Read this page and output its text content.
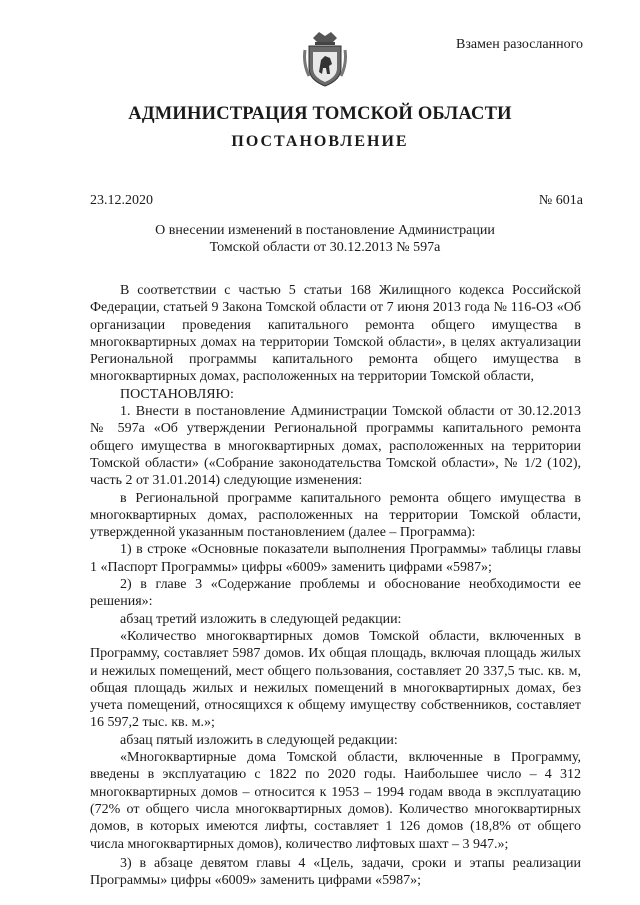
Взамен разосланного
АДМИНИСТРАЦИЯ ТОМСКОЙ ОБЛАСТИ
ПОСТАНОВЛЕНИЕ
23.12.2020	№ 601а
О внесении изменений в постановление Администрации Томской области от 30.12.2013 № 597а

В соответствии с частью 5 статьи 168 Жилищного кодекса Российской Федерации, статьей 9 Закона Томской области от 7 июня 2013 года № 116-ОЗ «Об организации проведения капитального ремонта общего имущества в многоквартирных домах на территории Томской области», в целях актуализации Региональной программы капитального ремонта общего имущества в многоквартирных домах, расположенных на территории Томской области,

ПОСТАНОВЛЯЮ:

1. Внести в постановление Администрации Томской области от 30.12.2013 № 597а «Об утверждении Региональной программы капитального ремонта общего имущества в многоквартирных домах, расположенных на территории Томской области» («Собрание законодательства Томской области», № 1/2 (102), часть 2 от 31.01.2014) следующие изменения:

в Региональной программе капитального ремонта общего имущества в многоквартирных домах, расположенных на территории Томской области, утвержденной указанным постановлением (далее – Программа):

1) в строке «Основные показатели выполнения Программы» таблицы главы 1 «Паспорт Программы» цифры «6009» заменить цифрами «5987»;

2) в главе 3 «Содержание проблемы и обоснование необходимости ее решения»:

абзац третий изложить в следующей редакции:

«Количество многоквартирных домов Томской области, включенных в Программу, составляет 5987 домов. Их общая площадь, включая площадь жилых и нежилых помещений, мест общего пользования, составляет 20 337,5 тыс. кв. м, общая площадь жилых и нежилых помещений в многоквартирных домах, без учета помещений, относящихся к общему имуществу собственников, составляет 16 597,2 тыс. кв. м.»;

абзац пятый изложить в следующей редакции:

«Многоквартирные дома Томской области, включенные в Программу, введены в эксплуатацию с 1822 по 2020 годы. Наибольшее число – 4 312 многоквартирных домов – относится к 1953 – 1994 годам ввода в эксплуатацию (72% от общего числа многоквартирных домов). Количество многоквартирных домов, в которых имеются лифты, составляет 1 126 домов (18,8% от общего числа многоквартирных домов), количество лифтовых шахт – 3 947.»;

3) в абзаце девятом главы 4 «Цель, задачи, сроки и этапы реализации Программы» цифры «6009» заменить цифрами «5987»;
